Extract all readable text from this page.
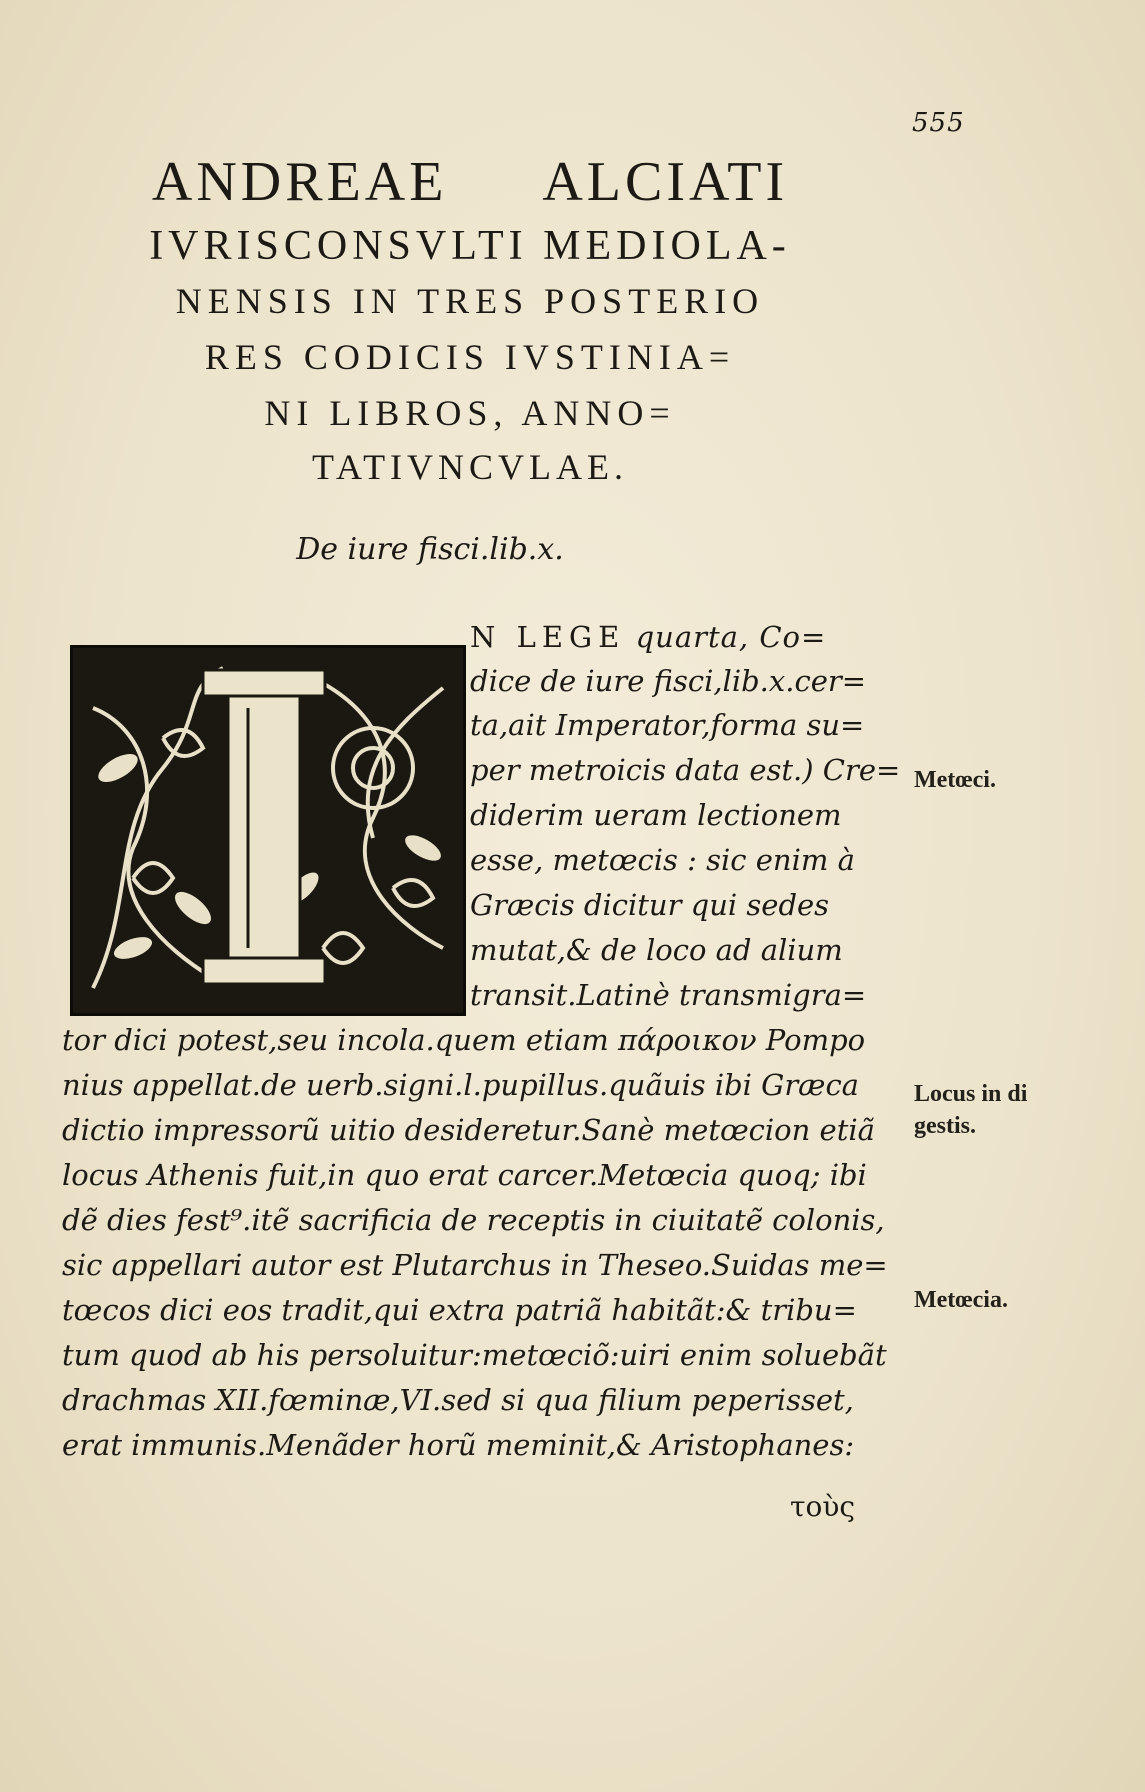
555
ANDREAE ALCIATI
IVRISCONSVLTI MEDIOLA-
NENSIS IN TRES POSTERIO
RES CODICIS IVSTINIA=
NI LIBROS, ANNO=
TATIVNCVLAE.
De iure fisci.lib.x.
N LEGE quarta, Co=
dice de iure fisci,lib.x.cer=
ta,ait Imperator,forma su=
per metroicis data est.) Cre=
diderim ueram lectionem
esse, metœcis : sic enim à
Græcis dicitur qui sedes
mutat,& de loco ad alium
transit.Latinè transmigra=
tor dici potest,seu incola.quem etiam πάροικον Pompo
nius appellat.de uerb.signi.l.pupillus.quãuis ibi Græca
dictio impressorũ uitio desideretur.Sanè metœcion etiã
locus Athenis fuit,in quo erat carcer.Metœcia quoq; ibi
dẽ dies fest⁹.itẽ sacrificia de receptis in ciuitatẽ colonis,
sic appellari autor est Plutarchus in Theseo.Suidas me=
tœcos dici eos tradit,qui extra patriã habitãt:& tribu=
tum quod ab his persoluitur:metœciõ:uiri enim soluebãt
drachmas XII.fœminæ,VI.sed si qua filium peperisset,
erat immunis.Menãder horũ meminit,& Aristophanes:
τοὺς
Metœci.
Locus in di
gestis.
Metœcia.
